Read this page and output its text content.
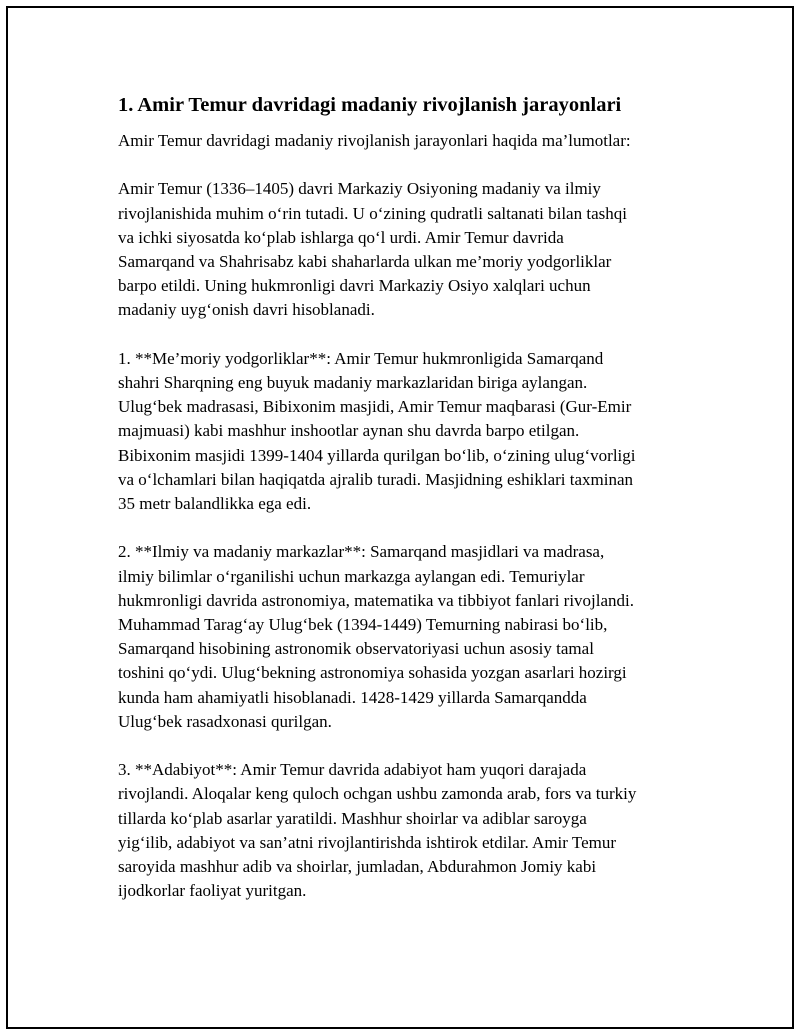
1. Amir Temur davridagi madaniy rivojlanish jarayonlari

Amir Temur davridagi madaniy rivojlanish jarayonlari haqida ma’lumotlar:

Amir Temur (1336–1405) davri Markaziy Osiyoning madaniy va ilmiy
rivojlanishida muhim o‘rin tutadi. U o‘zining qudratli saltanati bilan tashqi
va ichki siyosatda ko‘plab ishlarga qo‘l urdi. Amir Temur davrida
Samarqand va Shahrisabz kabi shaharlarda ulkan me’moriy yodgorliklar
barpo etildi. Uning hukmronligi davri Markaziy Osiyo xalqlari uchun
madaniy uyg‘onish davri hisoblanadi.

1. **Me’moriy yodgorliklar**: Amir Temur hukmronligida Samarqand
shahri Sharqning eng buyuk madaniy markazlaridan biriga aylangan.
Ulug‘bek madrasasi, Bibixonim masjidi, Amir Temur maqbarasi (Gur-Emir
majmuasi) kabi mashhur inshootlar aynan shu davrda barpo etilgan.
Bibixonim masjidi 1399-1404 yillarda qurilgan bo‘lib, o‘zining ulug‘vorligi
va o‘lchamlari bilan haqiqatda ajralib turadi. Masjidning eshiklari taxminan
35 metr balandlikka ega edi.

2. **Ilmiy va madaniy markazlar**: Samarqand masjidlari va madrasa,
ilmiy bilimlar o‘rganilishi uchun markazga aylangan edi. Temuriylar
hukmronligi davrida astronomiya, matematika va tibbiyot fanlari rivojlandi.
Muhammad Tarag‘ay Ulug‘bek (1394-1449) Temurning nabirasi bo‘lib,
Samarqand hisobining astronomik observatoriyasi uchun asosiy tamal
toshini qo‘ydi. Ulug‘bekning astronomiya sohasida yozgan asarlari hozirgi
kunda ham ahamiyatli hisoblanadi. 1428-1429 yillarda Samarqandda
Ulug‘bek rasadxonasi qurilgan.

3. **Adabiyot**: Amir Temur davrida adabiyot ham yuqori darajada
rivojlandi. Aloqalar keng quloch ochgan ushbu zamonda arab, fors va turkiy
tillarda ko‘plab asarlar yaratildi. Mashhur shoirlar va adiblar saroyga
yig‘ilib, adabiyot va san’atni rivojlantirishda ishtirok etdilar. Amir Temur
saroyida mashhur adib va shoirlar, jumladan, Abdurahmon Jomiy kabi
ijodkorlar faoliyat yuritgan.
